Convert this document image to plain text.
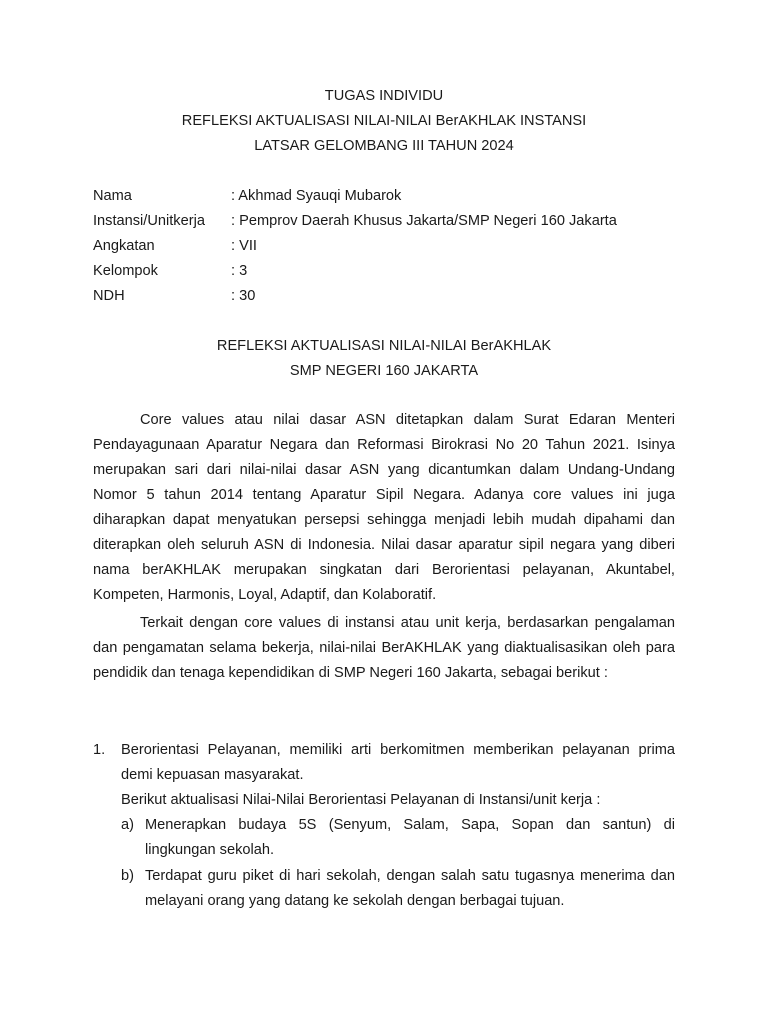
TUGAS INDIVIDU
REFLEKSI AKTUALISASI NILAI-NILAI BerAKHLAK INSTANSI
LATSAR GELOMBANG III TAHUN 2024
Nama	: Akhmad Syauqi Mubarok
Instansi/Unitkerja : Pemprov Daerah Khusus Jakarta/SMP Negeri 160 Jakarta
Angkatan	: VII
Kelompok	: 3
NDH	: 30
REFLEKSI AKTUALISASI NILAI-NILAI BerAKHLAK
SMP NEGERI 160 JAKARTA

Core values atau nilai dasar ASN ditetapkan dalam Surat Edaran Menteri Pendayagunaan Aparatur Negara dan Reformasi Birokrasi No 20 Tahun 2021. Isinya merupakan sari dari nilai-nilai dasar ASN yang dicantumkan dalam Undang-Undang Nomor 5 tahun 2014 tentang Aparatur Sipil Negara. Adanya core values ini juga diharapkan dapat menyatukan persepsi sehingga menjadi lebih mudah dipahami dan diterapkan oleh seluruh ASN di Indonesia. Nilai dasar aparatur sipil negara yang diberi nama berAKHLAK merupakan singkatan dari Berorientasi pelayanan, Akuntabel, Kompeten, Harmonis, Loyal, Adaptif, dan Kolaboratif.

Terkait dengan core values di instansi atau unit kerja, berdasarkan pengalaman dan pengamatan selama bekerja, nilai-nilai BerAKHLAK yang diaktualisasikan oleh para pendidik dan tenaga kependidikan di SMP Negeri 160 Jakarta, sebagai berikut :

1. Berorientasi Pelayanan, memiliki arti berkomitmen memberikan pelayanan prima demi kepuasan masyarakat.

Berikut aktualisasi Nilai-Nilai Berorientasi Pelayanan di Instansi/unit kerja :

a) Menerapkan budaya 5S (Senyum, Salam, Sapa, Sopan dan santun) di lingkungan sekolah.

b) Terdapat guru piket di hari sekolah, dengan salah satu tugasnya menerima dan melayani orang yang datang ke sekolah dengan berbagai tujuan.
